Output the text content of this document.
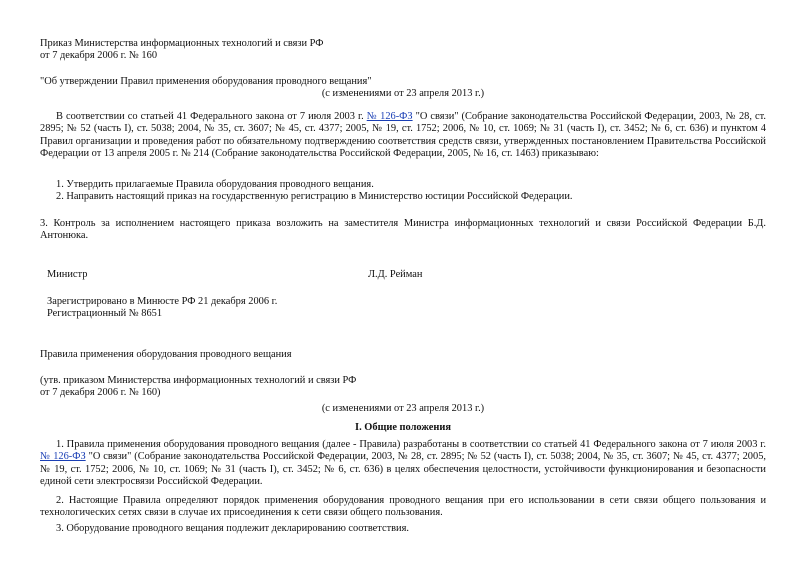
Приказ Министерства информационных технологий и связи РФ
от 7 декабря 2006 г. № 160
"Об утверждении Правил применения оборудования проводного вещания"
(с изменениями от 23 апреля 2013 г.)

В соответствии со статьей 41 Федерального закона от 7 июля 2003 г. № 126-ФЗ "О связи" (Собрание законодательства Российской Федерации, 2003, № 28, ст. 2895; № 52 (часть I), ст. 5038; 2004, № 35, ст. 3607; № 45, ст. 4377; 2005, № 19, ст. 1752; 2006, № 10, ст. 1069; № 31 (часть I), ст. 3452; № 6, ст. 636) и пунктом 4 Правил организации и проведения работ по обязательному подтверждению соответствия средств связи, утвержденных постановлением Правительства Российской Федерации от 13 апреля 2005 г. № 214 (Собрание законодательства Российской Федерации, 2005, № 16, ст. 1463) приказываю:

1. Утвердить прилагаемые Правила оборудования проводного вещания.
2. Направить настоящий приказ на государственную регистрацию в Министерство юстиции Российской Федерации.

3. Контроль за исполнением настоящего приказа возложить на заместителя Министра информационных технологий и связи Российской Федерации Б.Д. Антонюка.

Министр	Л.Д. Рейман
Зарегистрировано в Минюсте РФ 21 декабря 2006 г.
Регистрационный № 8651
Правила применения оборудования проводного вещания
(утв. приказом Министерства информационных технологий и связи РФ
от 7 декабря 2006 г. № 160)
(с изменениями от 23 апреля 2013 г.)
I. Общие положения

1. Правила применения оборудования проводного вещания (далее - Правила) разработаны в соответствии со статьей 41 Федерального закона от 7 июля 2003 г. № 126-ФЗ "О связи" (Собрание законодательства Российской Федерации, 2003, № 28, ст. 2895; № 52 (часть I), ст. 5038; 2004, № 35, ст. 3607; № 45, ст. 4377; 2005, № 19, ст. 1752; 2006, № 10, ст. 1069; № 31 (часть I), ст. 3452; № 6, ст. 636) в целях обеспечения целостности, устойчивости функционирования и безопасности единой сети электросвязи Российской Федерации.

2. Настоящие Правила определяют порядок применения оборудования проводного вещания при его использовании в сети связи общего пользования и технологических сетях связи в случае их присоединения к сети связи общего пользования.

3. Оборудование проводного вещания подлежит декларированию соответствия.
